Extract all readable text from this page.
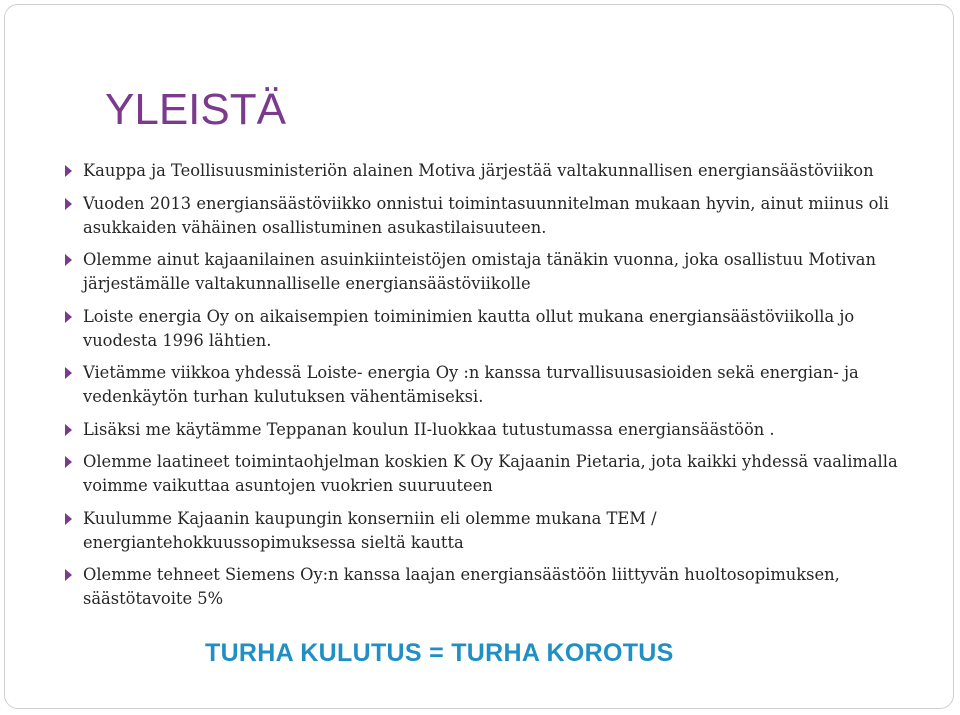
YLEISTÄ
Kauppa ja Teollisuusministeriön alainen Motiva järjestää valtakunnallisen energiansäästöviikon
Vuoden 2013 energiansäästöviikko onnistui toimintasuunnitelman mukaan hyvin, ainut miinus oli asukkaiden vähäinen osallistuminen asukastilaisuuteen.
Olemme ainut kajaanilainen asuinkiinteistöjen omistaja tänäkin vuonna, joka osallistuu Motivan järjestämälle valtakunnalliselle energiansäästöviikolle
Loiste energia Oy on aikaisempien toiminimien kautta ollut mukana energiansäästöviikolla jo vuodesta 1996 lähtien.
Vietämme viikkoa yhdessä Loiste- energia Oy :n kanssa turvallisuusasioiden sekä energian- ja vedenkäytön turhan kulutuksen vähentämiseksi.
Lisäksi me käytämme Teppanan koulun II-luokkaa tutustumassa energiansäästöön .
Olemme laatineet toimintaohjelman koskien K Oy Kajaanin Pietaria, jota kaikki yhdessä vaalimalla voimme vaikuttaa asuntojen vuokrien suuruuteen
Kuulumme Kajaanin kaupungin konserniin eli olemme mukana TEM / energiantehokkuussopimuksessa sieltä kautta
Olemme tehneet Siemens Oy:n kanssa laajan energiansäästöön liittyvän huoltosopimuksen, säästötavoite 5%

TURHA KULUTUS = TURHA KOROTUS
